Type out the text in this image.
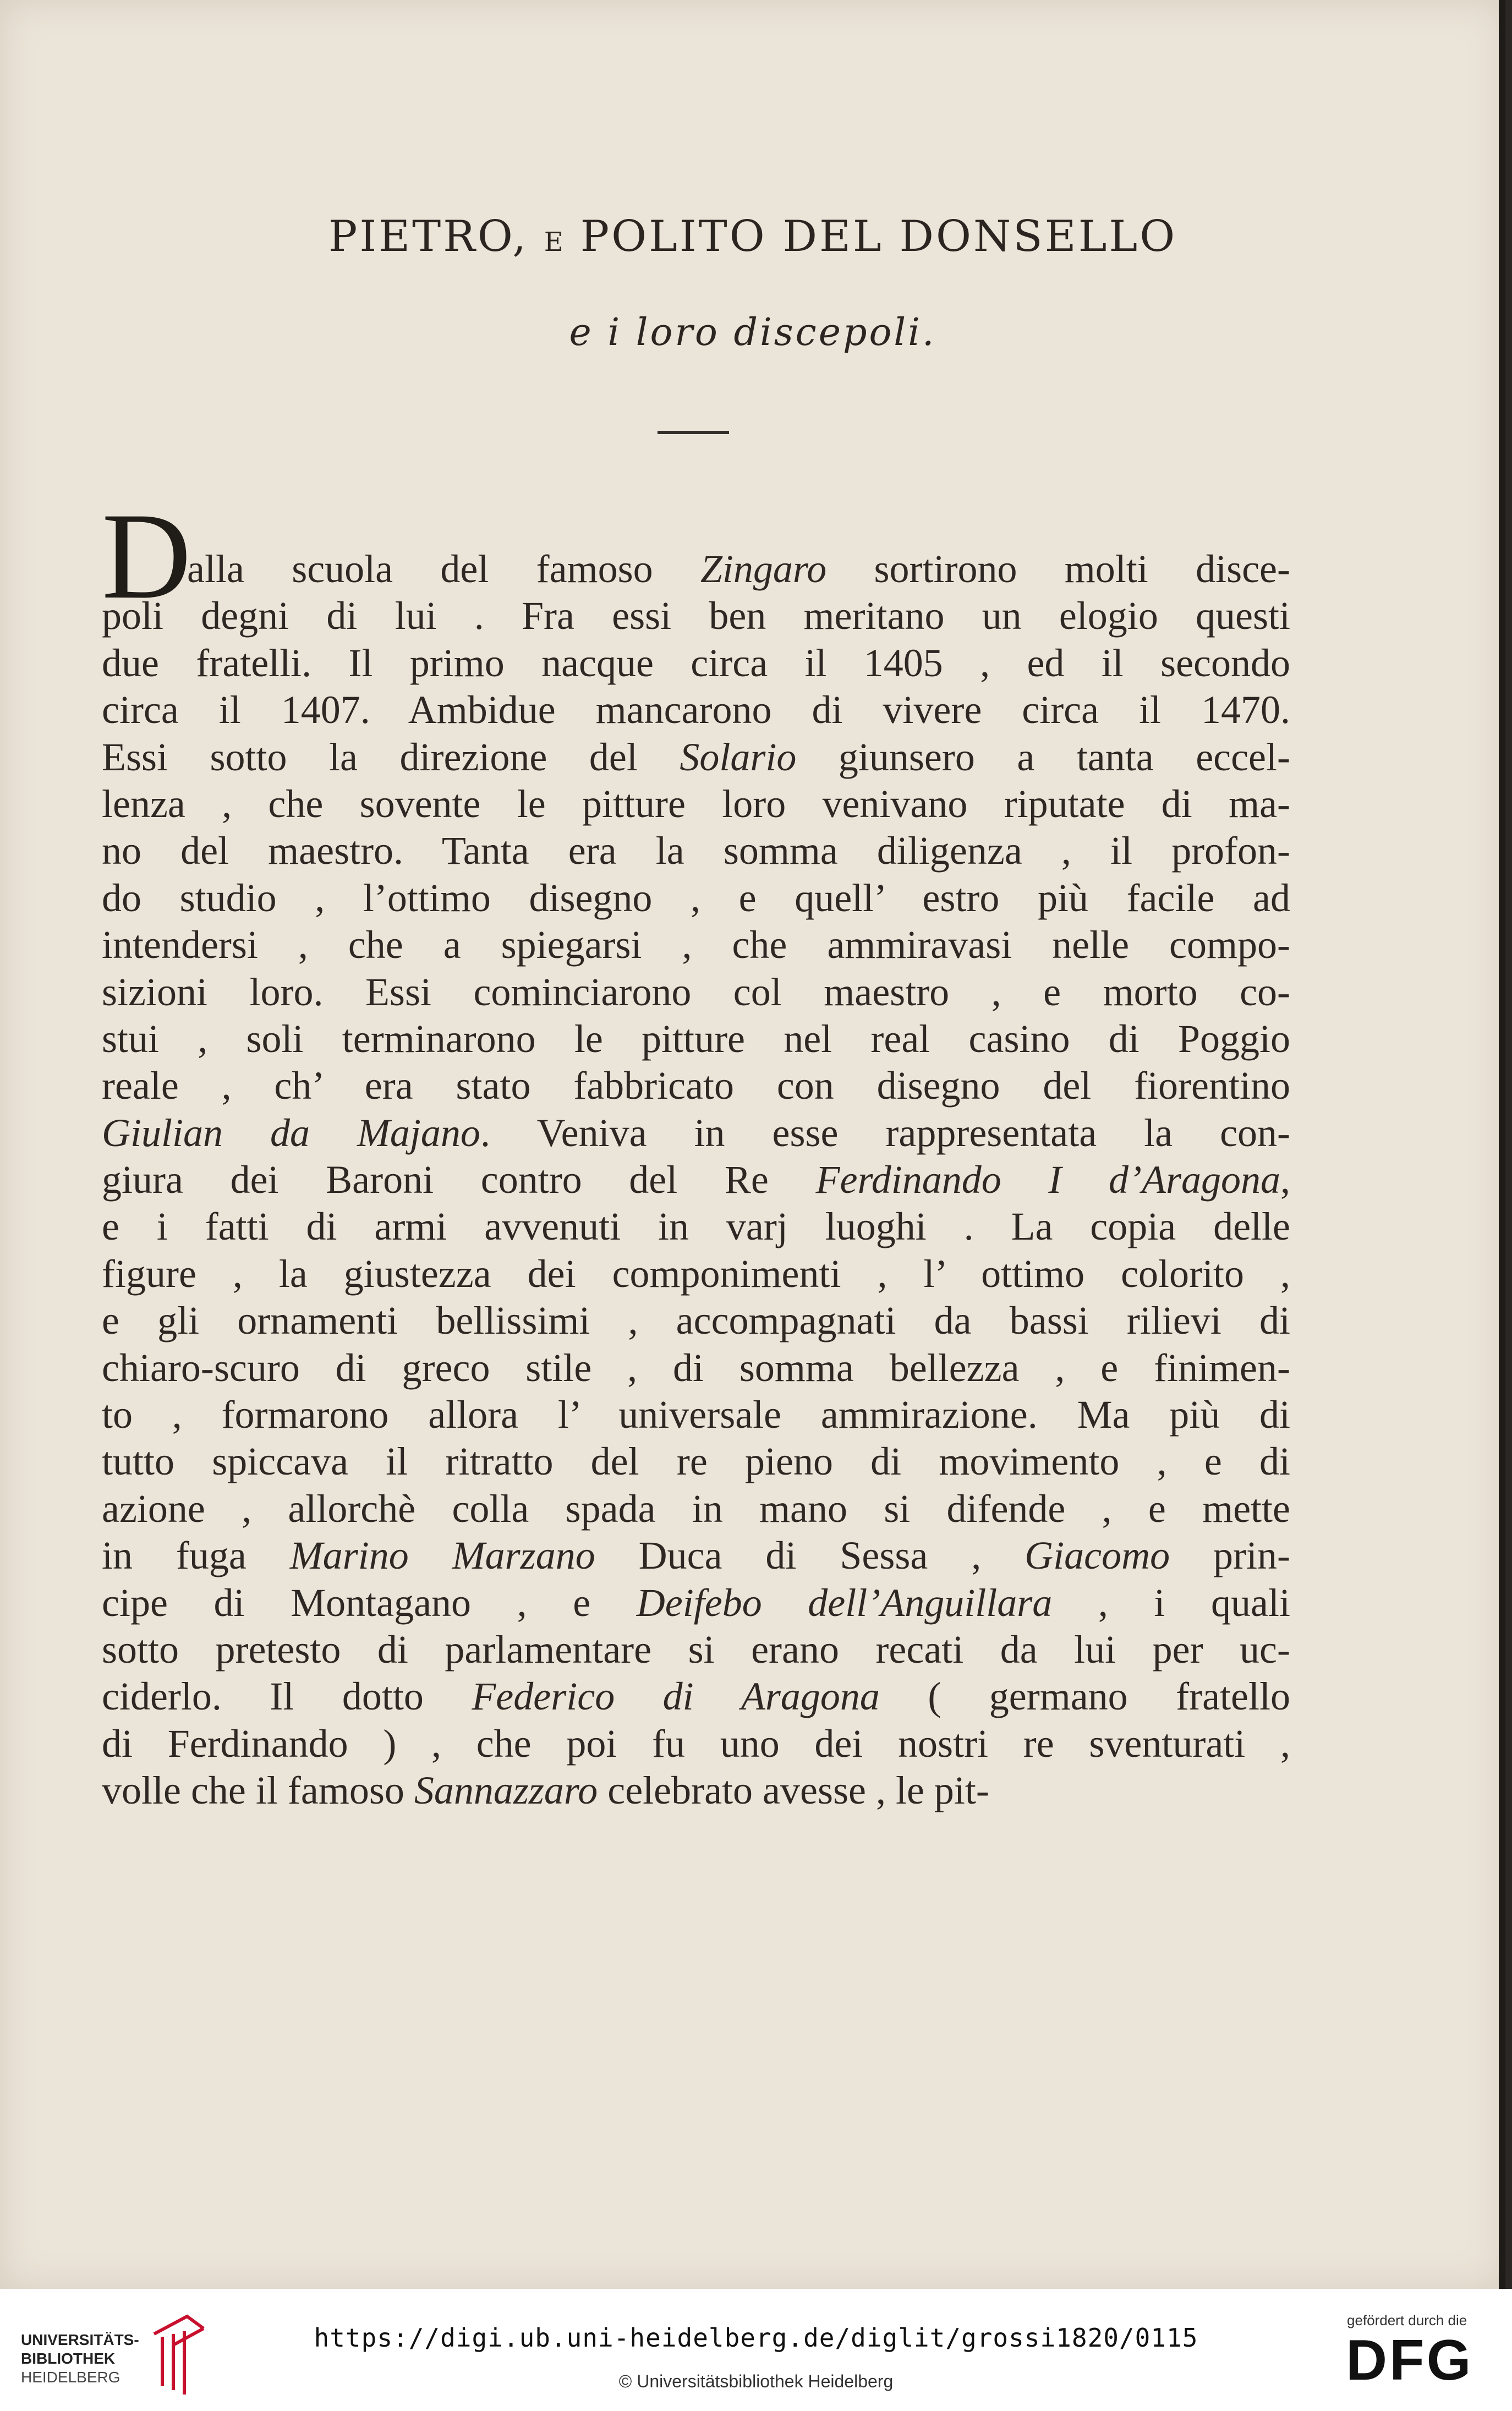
PIETRO, E POLITO DEL DONSELLO
e i loro discepoli.
D
alla scuola del famoso Zingaro sortirono molti disce-
poli degni di lui . Fra essi ben meritano un elogio questi
due fratelli. Il primo nacque circa il 1405 , ed il secondo
circa il 1407. Ambidue mancarono di vivere circa il 1470.
Essi sotto la direzione del Solario giunsero a tanta eccel-
lenza , che sovente le pitture loro venivano riputate di ma-
no del maestro. Tanta era la somma diligenza , il profon-
do studio , l’ottimo disegno , e quell’ estro più facile ad
intendersi , che a spiegarsi , che ammiravasi nelle compo-
sizioni loro. Essi cominciarono col maestro , e morto co-
stui , soli terminarono le pitture nel real casino di Poggio
reale , ch’ era stato fabbricato con disegno del fiorentino
Giulian da Majano. Veniva in esse rappresentata la con-
giura dei Baroni contro del Re Ferdinando I d’Aragona,
e i fatti di armi avvenuti in varj luoghi . La copia delle
figure , la giustezza dei componimenti , l’ ottimo colorito ,
e gli ornamenti bellissimi , accompagnati da bassi rilievi di
chiaro-scuro di greco stile , di somma bellezza , e finimen-
to , formarono allora l’ universale ammirazione. Ma più di
tutto spiccava il ritratto del re pieno di movimento , e di
azione , allorchè colla spada in mano si difende , e mette
in fuga Marino Marzano Duca di Sessa , Giacomo prin-
cipe di Montagano , e Deifebo dell’Anguillara , i quali
sotto pretesto di parlamentare si erano recati da lui per uc-
ciderlo. Il dotto Federico di Aragona ( germano fratello
di Ferdinando ) , che poi fu uno dei nostri re sventurati ,
volle che il famoso Sannazzaro celebrato avesse , le pit-
UNIVERSITÄTS-
BIBLIOTHEK
HEIDELBERG
https://digi.ub.uni-heidelberg.de/diglit/grossi1820/0115
© Universitätsbibliothek Heidelberg
gefördert durch die
DFG
